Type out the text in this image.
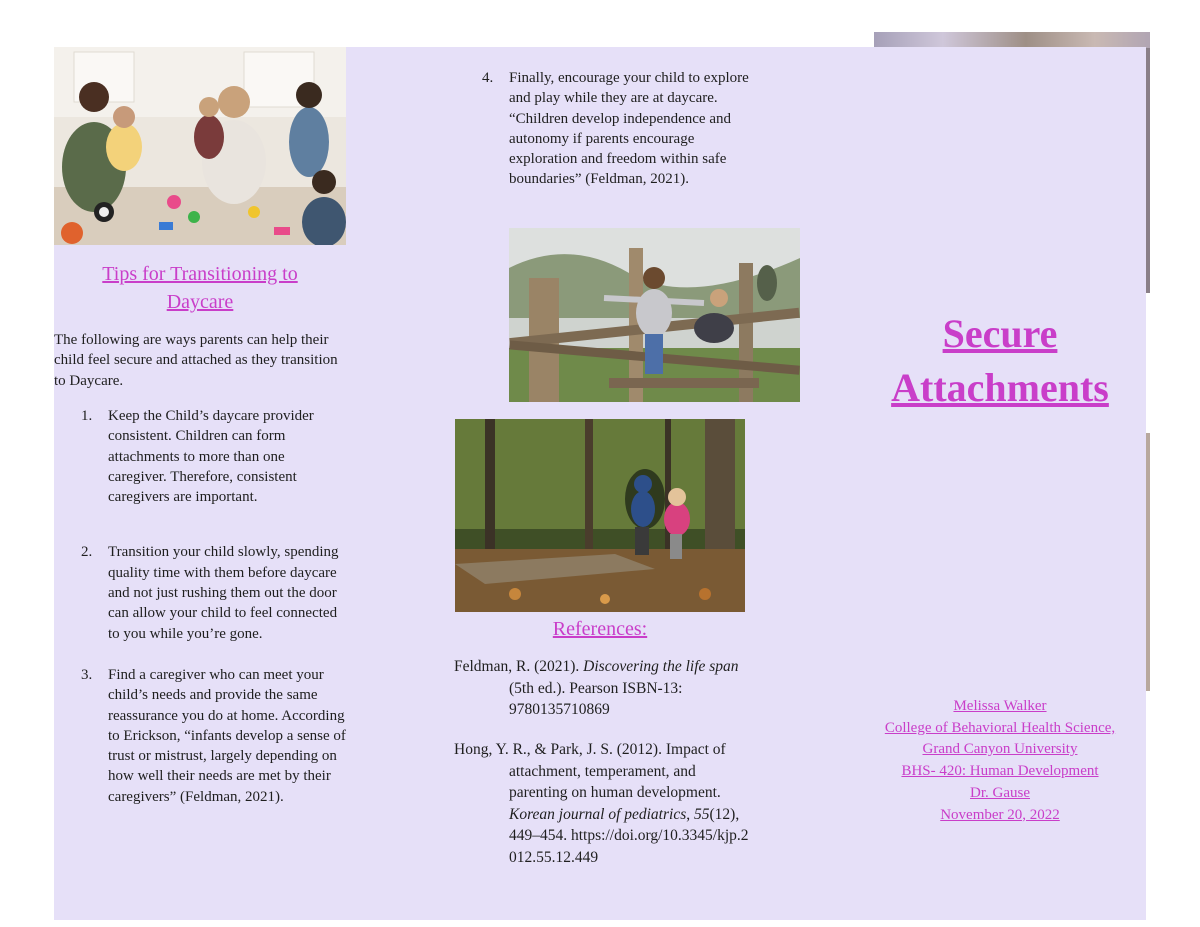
Tips for Transitioning to Daycare
The following are ways parents can help their child feel secure and attached as they transition to Daycare.
1. Keep the Child’s daycare provider consistent. Children can form attachments to more than one caregiver. Therefore, consistent caregivers are important.
2. Transition your child slowly, spending quality time with them before daycare and not just rushing them out the door can allow your child to feel connected to you while you’re gone.
3. Find a caregiver who can meet your child’s needs and provide the same reassurance you do at home. According to Erickson, “infants develop a sense of trust or mistrust, largely depending on how well their needs are met by their caregivers” (Feldman, 2021).
4. Finally, encourage your child to explore and play while they are at daycare. “Children develop independence and autonomy if parents encourage exploration and freedom within safe boundaries” (Feldman, 2021).
References:
Feldman, R. (2021). Discovering the life span (5th ed.). Pearson ISBN-13: 9780135710869
Hong, Y. R., & Park, J. S. (2012). Impact of attachment, temperament, and parenting on human development. Korean journal of pediatrics, 55(12), 449–454. https://doi.org/10.3345/kjp.2012.55.12.449
Secure
Attachments
Melissa Walker
College of Behavioral Health Science,
Grand Canyon University
BHS- 420: Human Development
Dr. Gause
November 20, 2022
